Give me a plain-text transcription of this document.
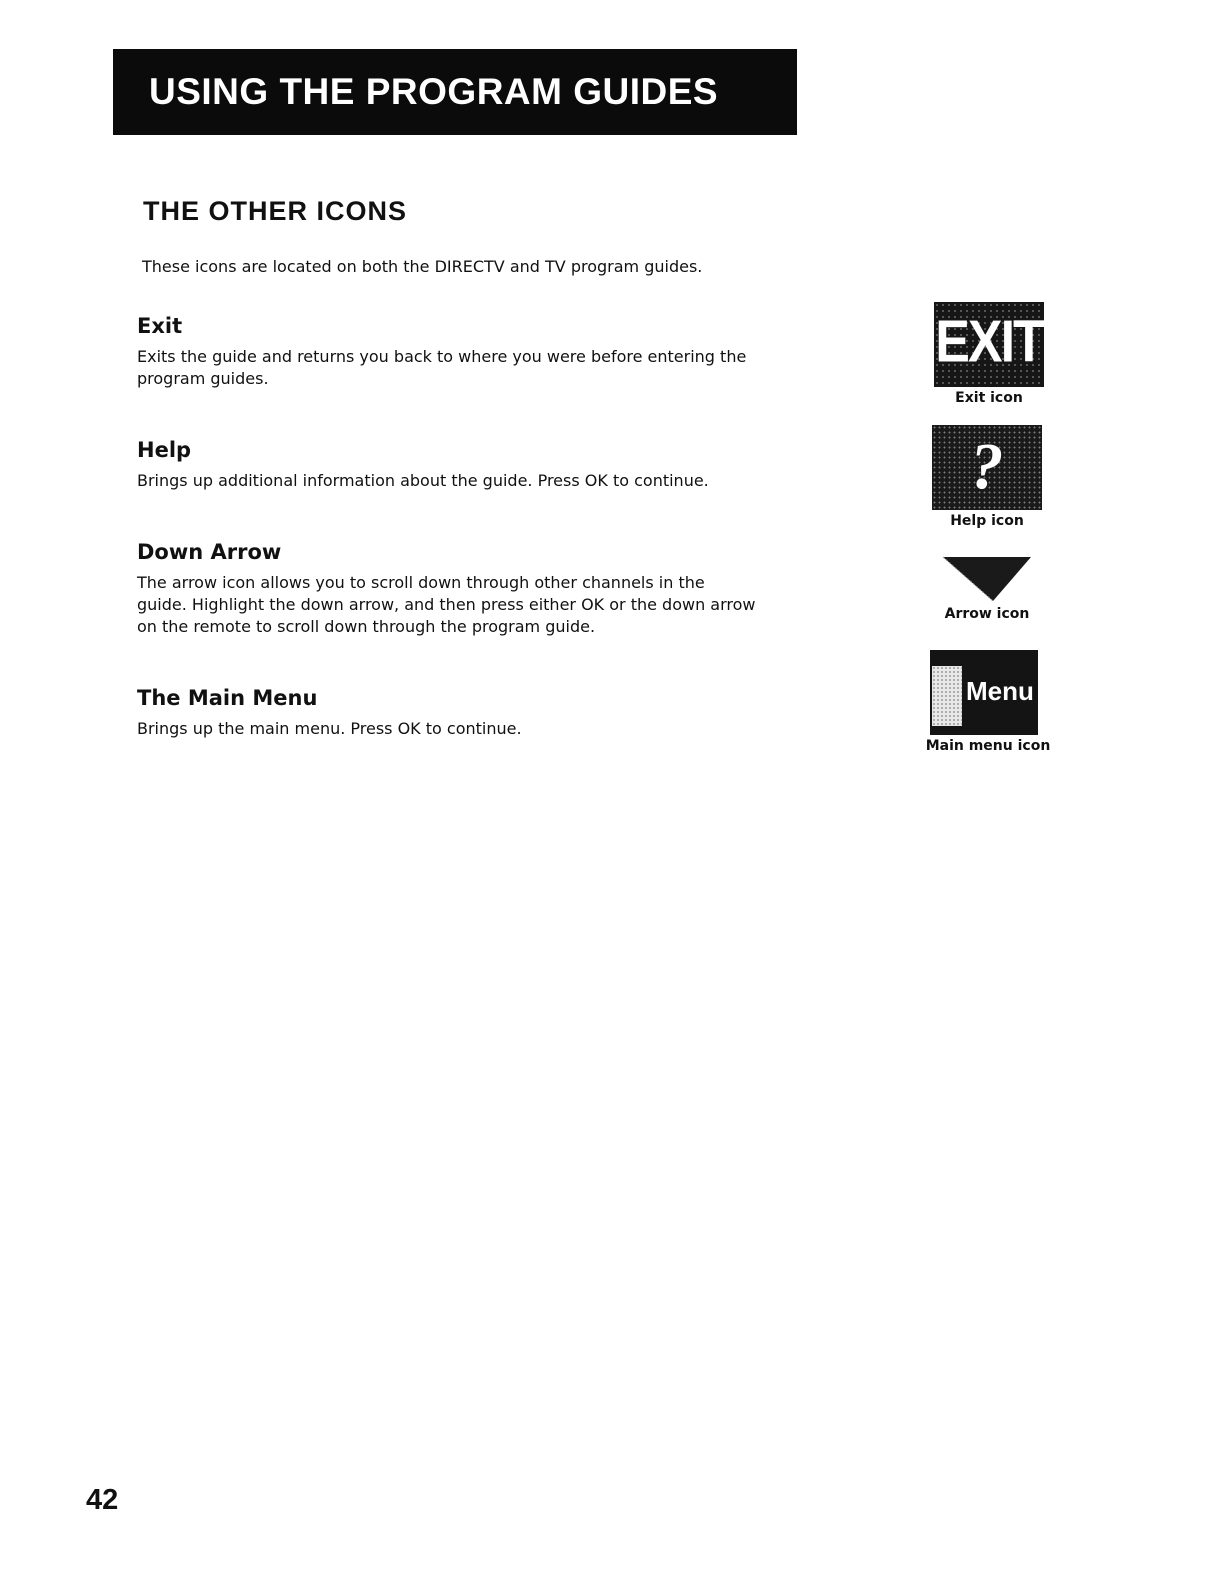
USING THE PROGRAM GUIDES
THE OTHER ICONS
These icons are located on both the DIRECTV and TV program guides.
Exit

Exits the guide and returns you back to where you were before entering the program guides.

Help

Brings up additional information about the guide. Press OK to continue.

Down Arrow

The arrow icon allows you to scroll down through other channels in the guide. Highlight the down arrow, and then press either OK or the down arrow on the remote to scroll down through the program guide.

The Main Menu

Brings up the main menu. Press OK to continue.

EXIT
Exit icon
?
Help icon
Arrow icon
Menu
Main menu icon
42
